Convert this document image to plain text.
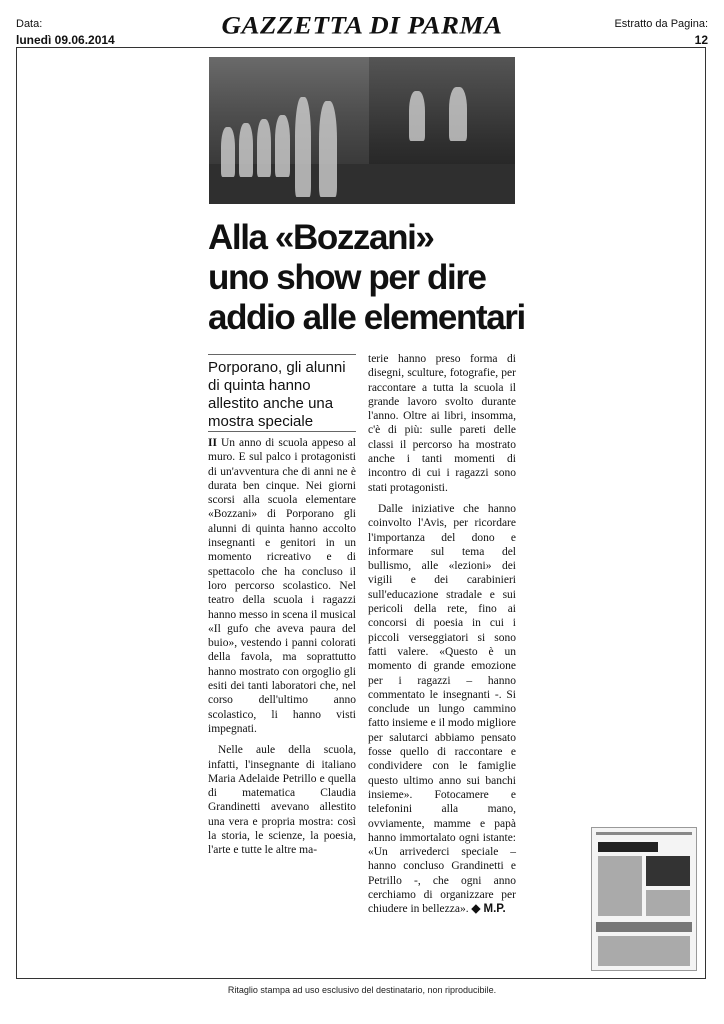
Data:
lunedì 09.06.2014
GAZZETTA DI PARMA	Estratto da Pagina:
12
Alla «Bozzani»
uno show per dire
addio alle elementari
Porporano, gli alunni di quinta hanno allestito anche una mostra speciale

II Un anno di scuola appeso al muro. E sul palco i protagonisti di un'avventura che di anni ne è durata ben cinque. Nei giorni scorsi alla scuola elementare «Bozzani» di Porporano gli alunni di quinta hanno accolto insegnanti e genitori in un momento ricreativo e di spettacolo che ha concluso il loro percorso scolastico. Nel teatro della scuola i ragazzi hanno messo in scena il musical «Il gufo che aveva paura del buio», vestendo i panni colorati della favola, ma soprattutto hanno mostrato con orgoglio gli esiti dei tanti laboratori che, nel corso dell'ultimo anno scolastico, li hanno visti impegnati.

Nelle aule della scuola, infatti, l'insegnante di italiano Maria Adelaide Petrillo e quella di matematica Claudia Grandinetti avevano allestito una vera e propria mostra: così la storia, le scienze, la poesia, l'arte e tutte le altre ma-

terie hanno preso forma di disegni, sculture, fotografie, per raccontare a tutta la scuola il grande lavoro svolto durante l'anno. Oltre ai libri, insomma, c'è di più: sulle pareti delle classi il percorso ha mostrato anche i tanti momenti di incontro di cui i ragazzi sono stati protagonisti.

Dalle iniziative che hanno coinvolto l'Avis, per ricordare l'importanza del dono e informare sul tema del bullismo, alle «lezioni» dei vigili e dei carabinieri sull'educazione stradale e sui pericoli della rete, fino ai concorsi di poesia in cui i piccoli verseggiatori si sono fatti valere. «Questo è un momento di grande emozione per i ragazzi – hanno commentato le insegnanti -. Si conclude un lungo cammino fatto insieme e il modo migliore per salutarci abbiamo pensato fosse quello di raccontare e condividere con le famiglie questo ultimo anno sui banchi insieme». Fotocamere e telefonini alla mano, ovviamente, mamme e papà hanno immortalato ogni istante: «Un arrivederci speciale – hanno concluso Grandinetti e Petrillo -, che ogni anno cerchiamo di organizzare per chiudere in bellezza». ◆ M.P.

Ritaglio stampa ad uso esclusivo del destinatario, non riproducibile.
